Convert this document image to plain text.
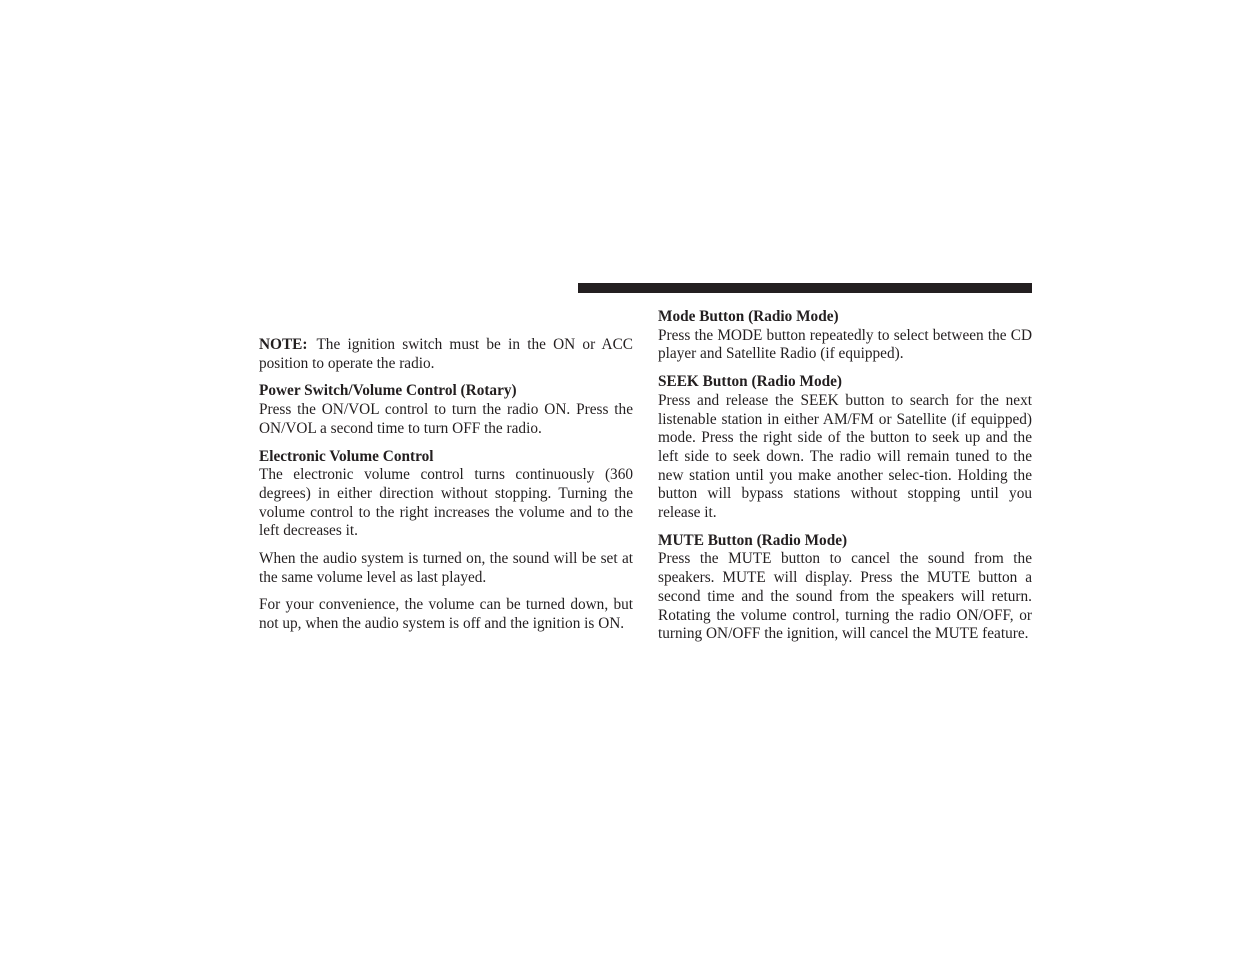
NOTE: The ignition switch must be in the ON or ACC position to operate the radio.

Power Switch/Volume Control (Rotary)

Press the ON/VOL control to turn the radio ON. Press the ON/VOL a second time to turn OFF the radio.

Electronic Volume Control

The electronic volume control turns continuously (360 degrees) in either direction without stopping. Turning the volume control to the right increases the volume and to the left decreases it.

When the audio system is turned on, the sound will be set at the same volume level as last played.

For your convenience, the volume can be turned down, but not up, when the audio system is off and the ignition is ON.

Mode Button (Radio Mode)

Press the MODE button repeatedly to select between the CD player and Satellite Radio (if equipped).

SEEK Button (Radio Mode)

Press and release the SEEK button to search for the next listenable station in either AM/FM or Satellite (if equipped) mode. Press the right side of the button to seek up and the left side to seek down. The radio will remain tuned to the new station until you make another selec-tion. Holding the button will bypass stations without stopping until you release it.

MUTE Button (Radio Mode)

Press the MUTE button to cancel the sound from the speakers. MUTE will display. Press the MUTE button a second time and the sound from the speakers will return. Rotating the volume control, turning the radio ON/OFF, or turning ON/OFF the ignition, will cancel the MUTE feature.
